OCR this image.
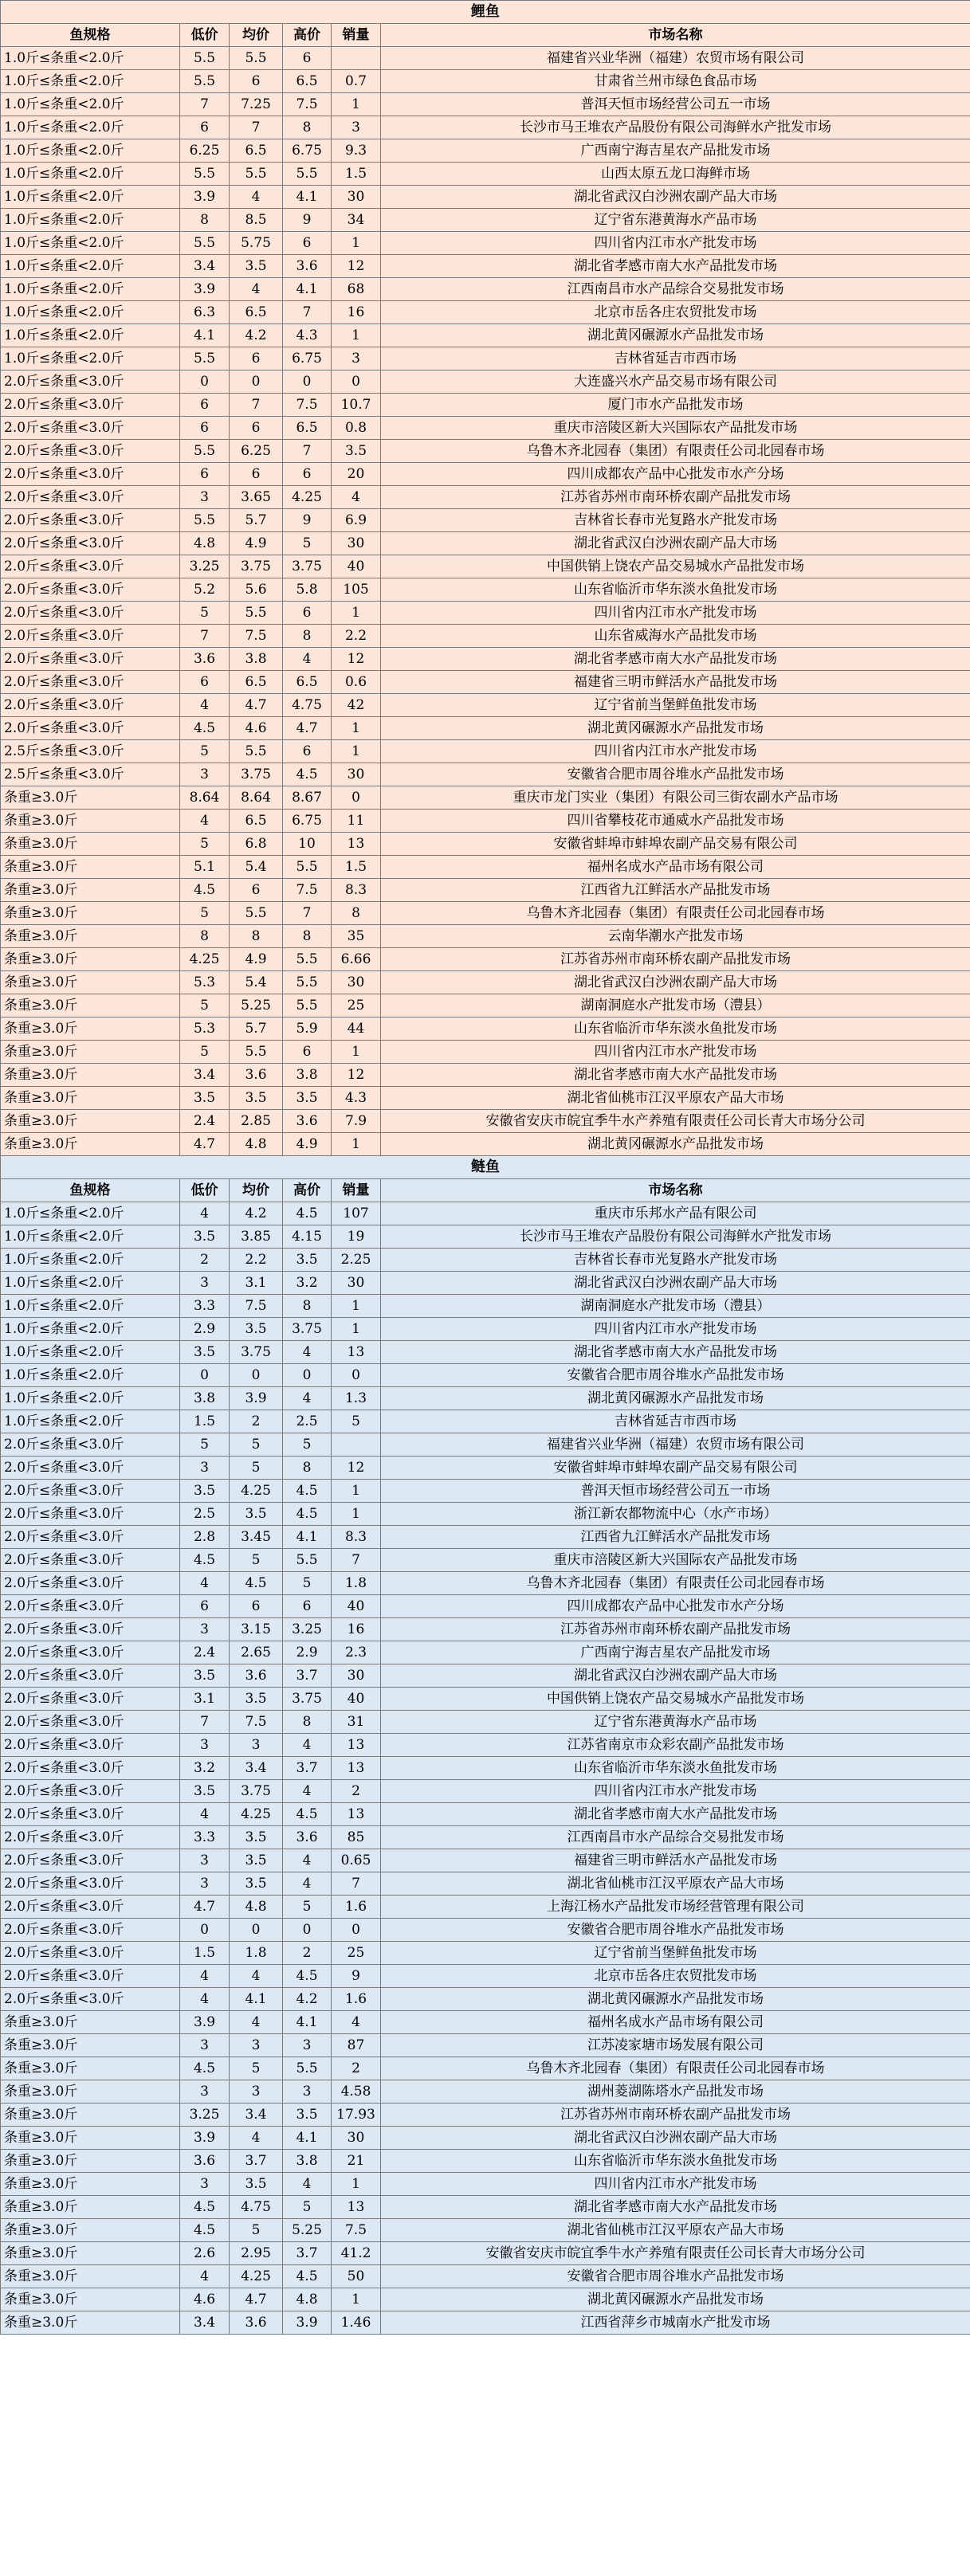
鲤鱼					
鱼规格	低价	均价	高价	销量	市场名称
1.0斤≤条重<2.0斤	5.5	5.5	6		福建省兴业华洲（福建）农贸市场有限公司
1.0斤≤条重<2.0斤	5.5	6	6.5	0.7	甘肃省兰州市绿色食品市场
1.0斤≤条重<2.0斤	7	7.25	7.5	1	普洱天恒市场经营公司五一市场
1.0斤≤条重<2.0斤	6	7	8	3	长沙市马王堆农产品股份有限公司海鲜水产批发市场
1.0斤≤条重<2.0斤	6.25	6.5	6.75	9.3	广西南宁海吉星农产品批发市场
1.0斤≤条重<2.0斤	5.5	5.5	5.5	1.5	山西太原五龙口海鲜市场
1.0斤≤条重<2.0斤	3.9	4	4.1	30	湖北省武汉白沙洲农副产品大市场
1.0斤≤条重<2.0斤	8	8.5	9	34	辽宁省东港黄海水产品市场
1.0斤≤条重<2.0斤	5.5	5.75	6	1	四川省内江市水产批发市场
1.0斤≤条重<2.0斤	3.4	3.5	3.6	12	湖北省孝感市南大水产品批发市场
1.0斤≤条重<2.0斤	3.9	4	4.1	68	江西南昌市水产品综合交易批发市场
1.0斤≤条重<2.0斤	6.3	6.5	7	16	北京市岳各庄农贸批发市场
1.0斤≤条重<2.0斤	4.1	4.2	4.3	1	湖北黄冈碾源水产品批发市场
1.0斤≤条重<2.0斤	5.5	6	6.75	3	吉林省延吉市西市场
2.0斤≤条重<3.0斤	0	0	0	0	大连盛兴水产品交易市场有限公司
2.0斤≤条重<3.0斤	6	7	7.5	10.7	厦门市水产品批发市场
2.0斤≤条重<3.0斤	6	6	6.5	0.8	重庆市涪陵区新大兴国际农产品批发市场
2.0斤≤条重<3.0斤	5.5	6.25	7	3.5	乌鲁木齐北园春（集团）有限责任公司北园春市场
2.0斤≤条重<3.0斤	6	6	6	20	四川成都农产品中心批发市水产分场
2.0斤≤条重<3.0斤	3	3.65	4.25	4	江苏省苏州市南环桥农副产品批发市场
2.0斤≤条重<3.0斤	5.5	5.7	9	6.9	吉林省长春市光复路水产批发市场
2.0斤≤条重<3.0斤	4.8	4.9	5	30	湖北省武汉白沙洲农副产品大市场
2.0斤≤条重<3.0斤	3.25	3.75	3.75	40	中国供销上饶农产品交易城水产品批发市场
2.0斤≤条重<3.0斤	5.2	5.6	5.8	105	山东省临沂市华东淡水鱼批发市场
2.0斤≤条重<3.0斤	5	5.5	6	1	四川省内江市水产批发市场
2.0斤≤条重<3.0斤	7	7.5	8	2.2	山东省威海水产品批发市场
2.0斤≤条重<3.0斤	3.6	3.8	4	12	湖北省孝感市南大水产品批发市场
2.0斤≤条重<3.0斤	6	6.5	6.5	0.6	福建省三明市鲜活水产品批发市场
2.0斤≤条重<3.0斤	4	4.7	4.75	42	辽宁省前当堡鲜鱼批发市场
2.0斤≤条重<3.0斤	4.5	4.6	4.7	1	湖北黄冈碾源水产品批发市场
2.5斤≤条重<3.0斤	5	5.5	6	1	四川省内江市水产批发市场
2.5斤≤条重<3.0斤	3	3.75	4.5	30	安徽省合肥市周谷堆水产品批发市场
条重≥3.0斤	8.64	8.64	8.67	0	重庆市龙门实业（集团）有限公司三街农副水产品市场
条重≥3.0斤	4	6.5	6.75	11	四川省攀枝花市通威水产品批发市场
条重≥3.0斤	5	6.8	10	13	安徽省蚌埠市蚌埠农副产品交易有限公司
条重≥3.0斤	5.1	5.4	5.5	1.5	福州名成水产品市场有限公司
条重≥3.0斤	4.5	6	7.5	8.3	江西省九江鲜活水产品批发市场
条重≥3.0斤	5	5.5	7	8	乌鲁木齐北园春（集团）有限责任公司北园春市场
条重≥3.0斤	8	8	8	35	云南华潮水产批发市场
条重≥3.0斤	4.25	4.9	5.5	6.66	江苏省苏州市南环桥农副产品批发市场
条重≥3.0斤	5.3	5.4	5.5	30	湖北省武汉白沙洲农副产品大市场
条重≥3.0斤	5	5.25	5.5	25	湖南洞庭水产批发市场（澧县）
条重≥3.0斤	5.3	5.7	5.9	44	山东省临沂市华东淡水鱼批发市场
条重≥3.0斤	5	5.5	6	1	四川省内江市水产批发市场
条重≥3.0斤	3.4	3.6	3.8	12	湖北省孝感市南大水产品批发市场
条重≥3.0斤	3.5	3.5	3.5	4.3	湖北省仙桃市江汉平原农产品大市场
条重≥3.0斤	2.4	2.85	3.6	7.9	安徽省安庆市皖宜季牛水产养殖有限责任公司长青大市场分公司
条重≥3.0斤	4.7	4.8	4.9	1	湖北黄冈碾源水产品批发市场
鲢鱼					
鱼规格	低价	均价	高价	销量	市场名称
1.0斤≤条重<2.0斤	4	4.2	4.5	107	重庆市乐邦水产品有限公司
1.0斤≤条重<2.0斤	3.5	3.85	4.15	19	长沙市马王堆农产品股份有限公司海鲜水产批发市场
1.0斤≤条重<2.0斤	2	2.2	3.5	2.25	吉林省长春市光复路水产批发市场
1.0斤≤条重<2.0斤	3	3.1	3.2	30	湖北省武汉白沙洲农副产品大市场
1.0斤≤条重<2.0斤	3.3	7.5	8	1	湖南洞庭水产批发市场（澧县）
1.0斤≤条重<2.0斤	2.9	3.5	3.75	1	四川省内江市水产批发市场
1.0斤≤条重<2.0斤	3.5	3.75	4	13	湖北省孝感市南大水产品批发市场
1.0斤≤条重<2.0斤	0	0	0	0	安徽省合肥市周谷堆水产品批发市场
1.0斤≤条重<2.0斤	3.8	3.9	4	1.3	湖北黄冈碾源水产品批发市场
1.0斤≤条重<2.0斤	1.5	2	2.5	5	吉林省延吉市西市场
2.0斤≤条重<3.0斤	5	5	5		福建省兴业华洲（福建）农贸市场有限公司
2.0斤≤条重<3.0斤	3	5	8	12	安徽省蚌埠市蚌埠农副产品交易有限公司
2.0斤≤条重<3.0斤	3.5	4.25	4.5	1	普洱天恒市场经营公司五一市场
2.0斤≤条重<3.0斤	2.5	3.5	4.5	1	浙江新农都物流中心（水产市场）
2.0斤≤条重<3.0斤	2.8	3.45	4.1	8.3	江西省九江鲜活水产品批发市场
2.0斤≤条重<3.0斤	4.5	5	5.5	7	重庆市涪陵区新大兴国际农产品批发市场
2.0斤≤条重<3.0斤	4	4.5	5	1.8	乌鲁木齐北园春（集团）有限责任公司北园春市场
2.0斤≤条重<3.0斤	6	6	6	40	四川成都农产品中心批发市水产分场
2.0斤≤条重<3.0斤	3	3.15	3.25	16	江苏省苏州市南环桥农副产品批发市场
2.0斤≤条重<3.0斤	2.4	2.65	2.9	2.3	广西南宁海吉星农产品批发市场
2.0斤≤条重<3.0斤	3.5	3.6	3.7	30	湖北省武汉白沙洲农副产品大市场
2.0斤≤条重<3.0斤	3.1	3.5	3.75	40	中国供销上饶农产品交易城水产品批发市场
2.0斤≤条重<3.0斤	7	7.5	8	31	辽宁省东港黄海水产品市场
2.0斤≤条重<3.0斤	3	3	4	13	江苏省南京市众彩农副产品批发市场
2.0斤≤条重<3.0斤	3.2	3.4	3.7	13	山东省临沂市华东淡水鱼批发市场
2.0斤≤条重<3.0斤	3.5	3.75	4	2	四川省内江市水产批发市场
2.0斤≤条重<3.0斤	4	4.25	4.5	13	湖北省孝感市南大水产品批发市场
2.0斤≤条重<3.0斤	3.3	3.5	3.6	85	江西南昌市水产品综合交易批发市场
2.0斤≤条重<3.0斤	3	3.5	4	0.65	福建省三明市鲜活水产品批发市场
2.0斤≤条重<3.0斤	3	3.5	4	7	湖北省仙桃市江汉平原农产品大市场
2.0斤≤条重<3.0斤	4.7	4.8	5	1.6	上海江杨水产品批发市场经营管理有限公司
2.0斤≤条重<3.0斤	0	0	0	0	安徽省合肥市周谷堆水产品批发市场
2.0斤≤条重<3.0斤	1.5	1.8	2	25	辽宁省前当堡鲜鱼批发市场
2.0斤≤条重<3.0斤	4	4	4.5	9	北京市岳各庄农贸批发市场
2.0斤≤条重<3.0斤	4	4.1	4.2	1.6	湖北黄冈碾源水产品批发市场
条重≥3.0斤	3.9	4	4.1	4	福州名成水产品市场有限公司
条重≥3.0斤	3	3	3	87	江苏凌家塘市场发展有限公司
条重≥3.0斤	4.5	5	5.5	2	乌鲁木齐北园春（集团）有限责任公司北园春市场
条重≥3.0斤	3	3	3	4.58	湖州菱湖陈塔水产品批发市场
条重≥3.0斤	3.25	3.4	3.5	17.93	江苏省苏州市南环桥农副产品批发市场
条重≥3.0斤	3.9	4	4.1	30	湖北省武汉白沙洲农副产品大市场
条重≥3.0斤	3.6	3.7	3.8	21	山东省临沂市华东淡水鱼批发市场
条重≥3.0斤	3	3.5	4	1	四川省内江市水产批发市场
条重≥3.0斤	4.5	4.75	5	13	湖北省孝感市南大水产品批发市场
条重≥3.0斤	4.5	5	5.25	7.5	湖北省仙桃市江汉平原农产品大市场
条重≥3.0斤	2.6	2.95	3.7	41.2	安徽省安庆市皖宜季牛水产养殖有限责任公司长青大市场分公司
条重≥3.0斤	4	4.25	4.5	50	安徽省合肥市周谷堆水产品批发市场
条重≥3.0斤	4.6	4.7	4.8	1	湖北黄冈碾源水产品批发市场
条重≥3.0斤	3.4	3.6	3.9	1.46	江西省萍乡市城南水产批发市场
